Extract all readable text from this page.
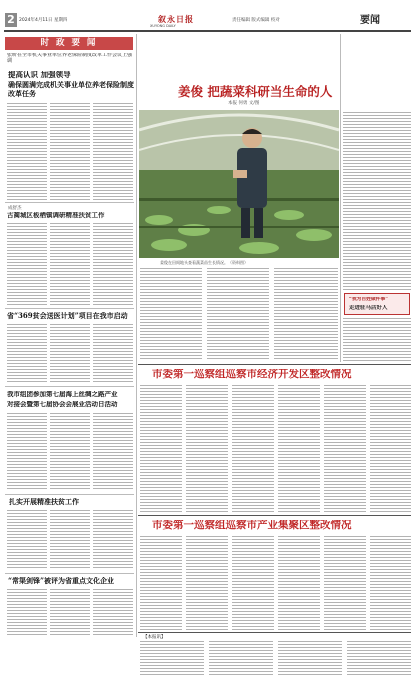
2 2024年4月11日 星期四	叙永日报
XUYONG DAILY
责任编辑 版式编辑 校对	要闻
时 政 要 闻
张昕在全市机关事业单位养老保险制度改革工作会议上强调
提高认识 加强领导
确保圆满完成机关事业单位养老保险制度改革任务
成舒杰
古蔺城区板栖镇调研精准扶贫工作
省“369贫会送医计划”项目在我市启动
我市组团参加第七届海上丝绸之路产业
对接会暨第七届协会会展业活动日活动
扎实开展精准扶贫工作
“常渠剑锋”被评为省重点文化企业
姜俊 把蔬菜科研当生命的人
本报 何勇 文/图
姜俊在田间地头查看蔬菜苗生长情况。（资料图）
“我为百姓做件事”
走进驻马店好人
市委第一巡察组巡察市经济开发区整改情况
市委第一巡察组巡察市产业集聚区整改情况
【本报讯】
